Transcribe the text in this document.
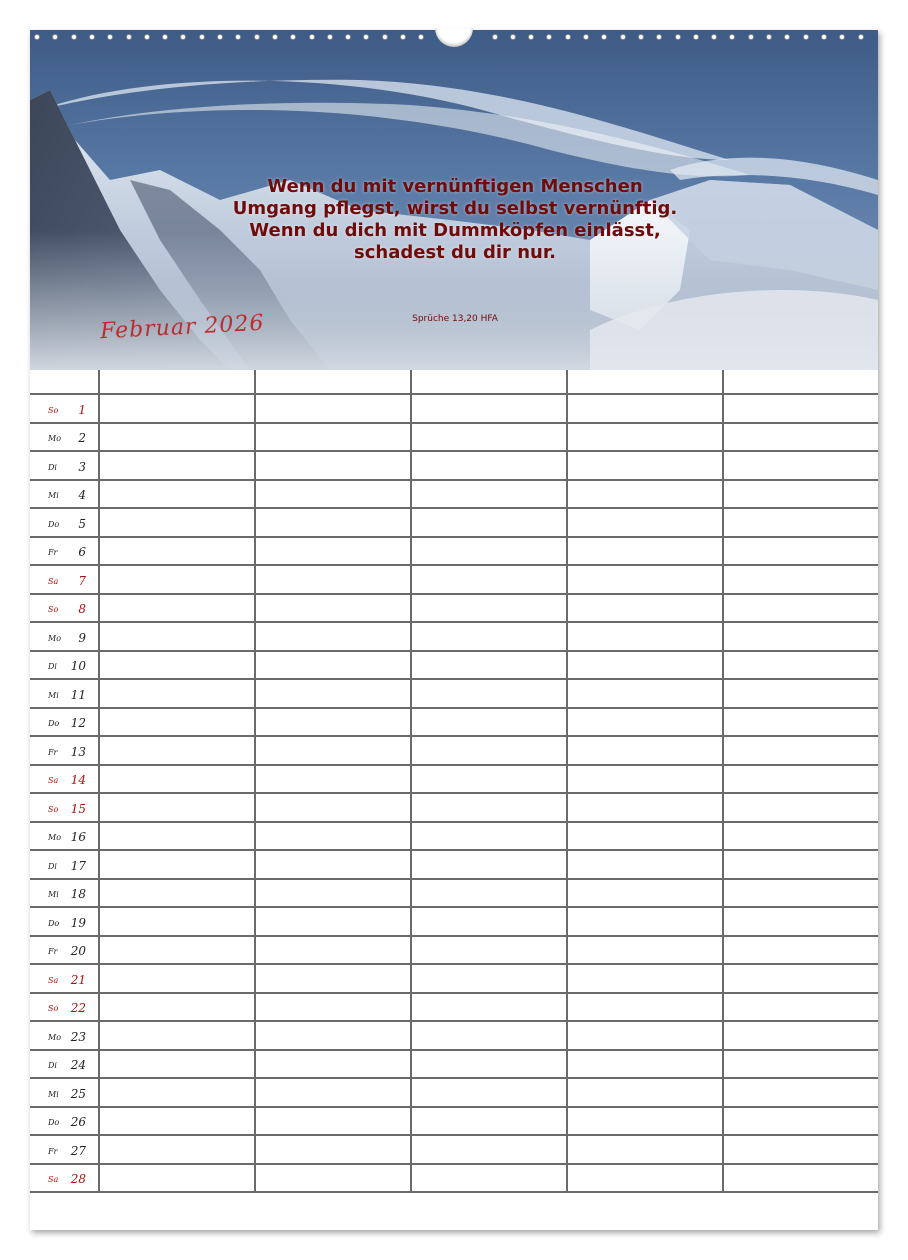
Wenn du mit vernünftigen Menschen Umgang pflegst, wirst du selbst vernünftig. Wenn du dich mit Dummköpfen einlässt, schadest du dir nur.
Sprüche 13,20 HFA
Februar 2026
So 1
Mo 2
Di 3
Mi 4
Do 5
Fr 6
Sa 7
So 8
Mo 9
Di 10
Mi 11
Do 12
Fr 13
Sa 14
So 15
Mo 16
Di 17
Mi 18
Do 19
Fr 20
Sa 21
So 22
Mo 23
Di 24
Mi 25
Do 26
Fr 27
Sa 28
